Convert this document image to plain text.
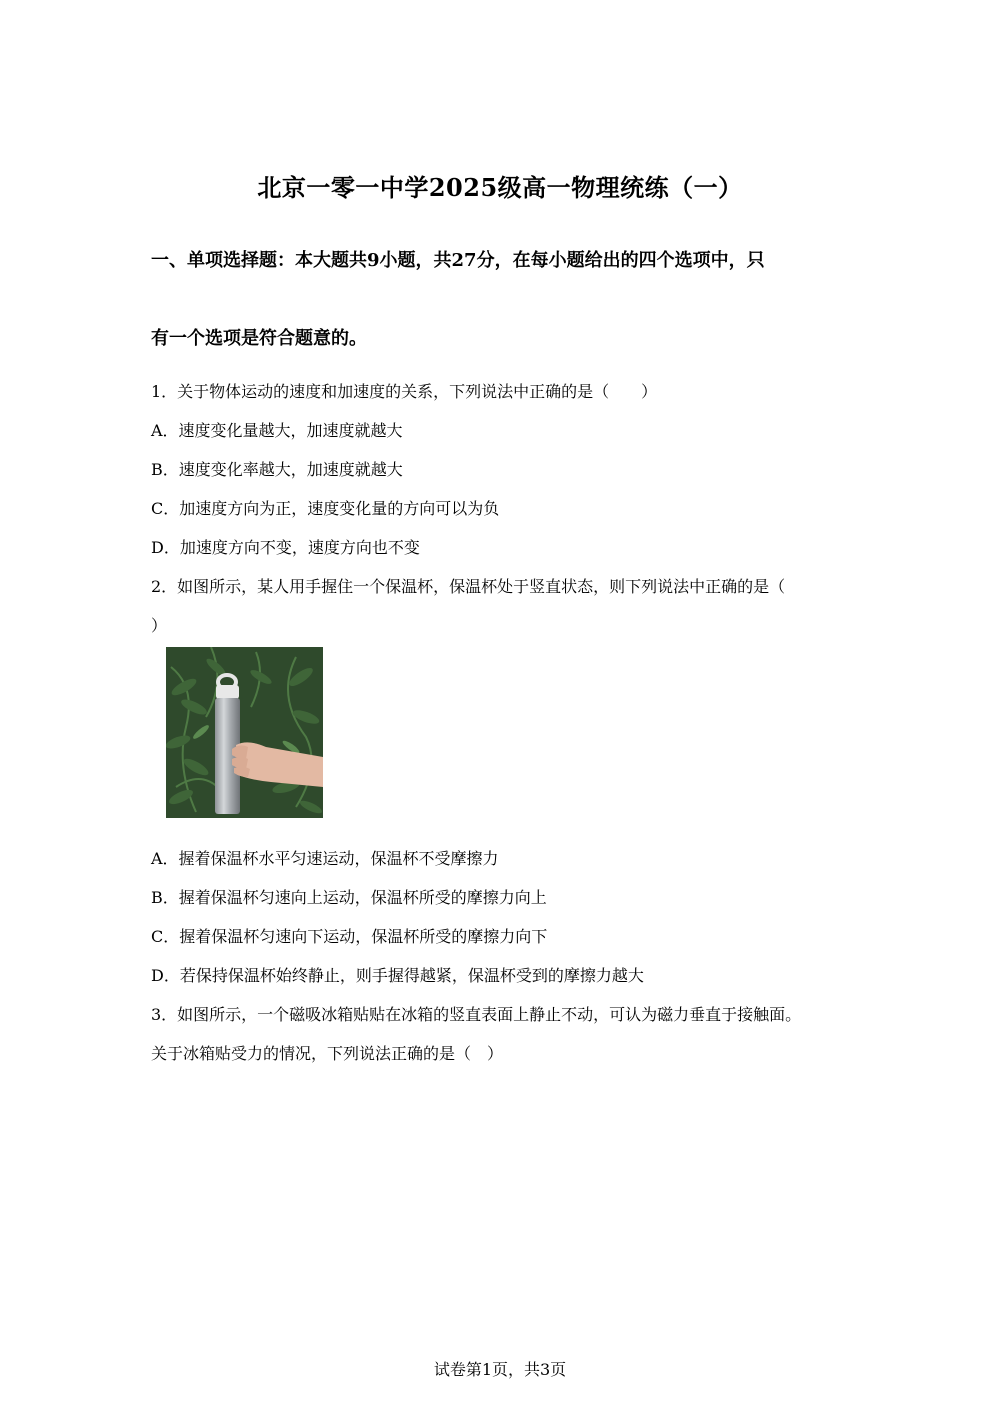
北京一零一中学2025级高一物理统练（一）
一、单项选择题：本大题共9小题，共27分，在每小题给出的四个选项中，只
有一个选项是符合题意的。
1．关于物体运动的速度和加速度的关系，下列说法中正确的是（　　）
A．速度变化量越大，加速度就越大
B．速度变化率越大，加速度就越大
C．加速度方向为正，速度变化量的方向可以为负
D．加速度方向不变，速度方向也不变
2．如图所示，某人用手握住一个保温杯，保温杯处于竖直状态，则下列说法中正确的是（
）
A．握着保温杯水平匀速运动，保温杯不受摩擦力
B．握着保温杯匀速向上运动，保温杯所受的摩擦力向上
C．握着保温杯匀速向下运动，保温杯所受的摩擦力向下
D．若保持保温杯始终静止，则手握得越紧，保温杯受到的摩擦力越大
3．如图所示，一个磁吸冰箱贴贴在冰箱的竖直表面上静止不动，可认为磁力垂直于接触面。
关于冰箱贴受力的情况，下列说法正确的是（　）
试卷第1页，共3页
